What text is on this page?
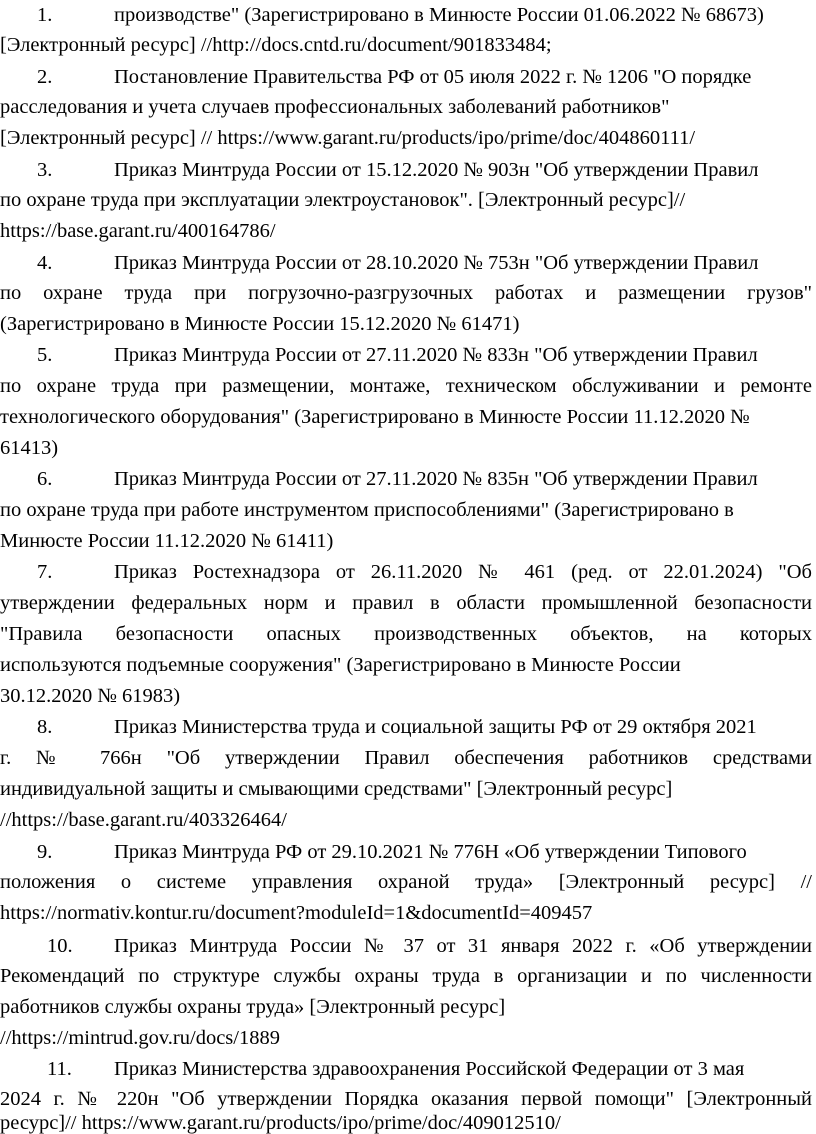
1.	производстве" (Зарегистрировано в Минюсте России 01.06.2022 № 68673)
[Электронный ресурс] //http://docs.cntd.ru/document/901833484;
2.	Постановление Правительства РФ от 05 июля 2022 г. № 1206 "О порядке
расследования и учета случаев профессиональных заболеваний работников"
[Электронный ресурс] // https://www.garant.ru/products/ipo/prime/doc/404860111/
3.	Приказ Минтруда России от 15.12.2020 № 903н "Об утверждении Правил
по охране труда при эксплуатации электроустановок". [Электронный ресурс]//
https://base.garant.ru/400164786/
4.	Приказ Минтруда России от 28.10.2020 № 753н "Об утверждении Правил
по охране труда при погрузочно-разгрузочных работах и размещении грузов"
(Зарегистрировано в Минюсте России 15.12.2020 № 61471)
5.	Приказ Минтруда России от 27.11.2020 № 833н "Об утверждении Правил
по охране труда при размещении, монтаже, техническом обслуживании и ремонте
технологического оборудования" (Зарегистрировано в Минюсте России 11.12.2020 №
61413)
6.	Приказ Минтруда России от 27.11.2020 № 835н "Об утверждении Правил
по охране труда при работе инструментом приспособлениями" (Зарегистрировано в
Минюсте России 11.12.2020 № 61411)
7.	Приказ Ростехнадзора от 26.11.2020 № 461 (ред. от 22.01.2024) "Об
утверждении федеральных норм и правил в области промышленной безопасности
"Правила безопасности опасных производственных объектов, на которых
используются подъемные сооружения" (Зарегистрировано в Минюсте России
30.12.2020 № 61983)
8.	Приказ Министерства труда и социальной защиты РФ от 29 октября 2021
г. № 766н "Об утверждении Правил обеспечения работников средствами
индивидуальной защиты и смывающими средствами" [Электронный ресурс]
//https://base.garant.ru/403326464/
9.	Приказ Минтруда РФ от 29.10.2021 № 776Н «Об утверждении Типового
положения о системе управления охраной труда» [Электронный ресурс] //
https://normativ.kontur.ru/document?moduleId=1&documentId=409457
10. Приказ Минтруда России № 37 от 31 января 2022 г. «Об утверждении
Рекомендаций по структуре службы охраны труда в организации и по численности
работников службы охраны труда» [Электронный ресурс]
//https://mintrud.gov.ru/docs/1889
11. Приказ Министерства здравоохранения Российской Федерации от 3 мая
2024 г. № 220н "Об утверждении Порядка оказания первой помощи" [Электронный
ресурс]// https://www.garant.ru/products/ipo/prime/doc/409012510/
